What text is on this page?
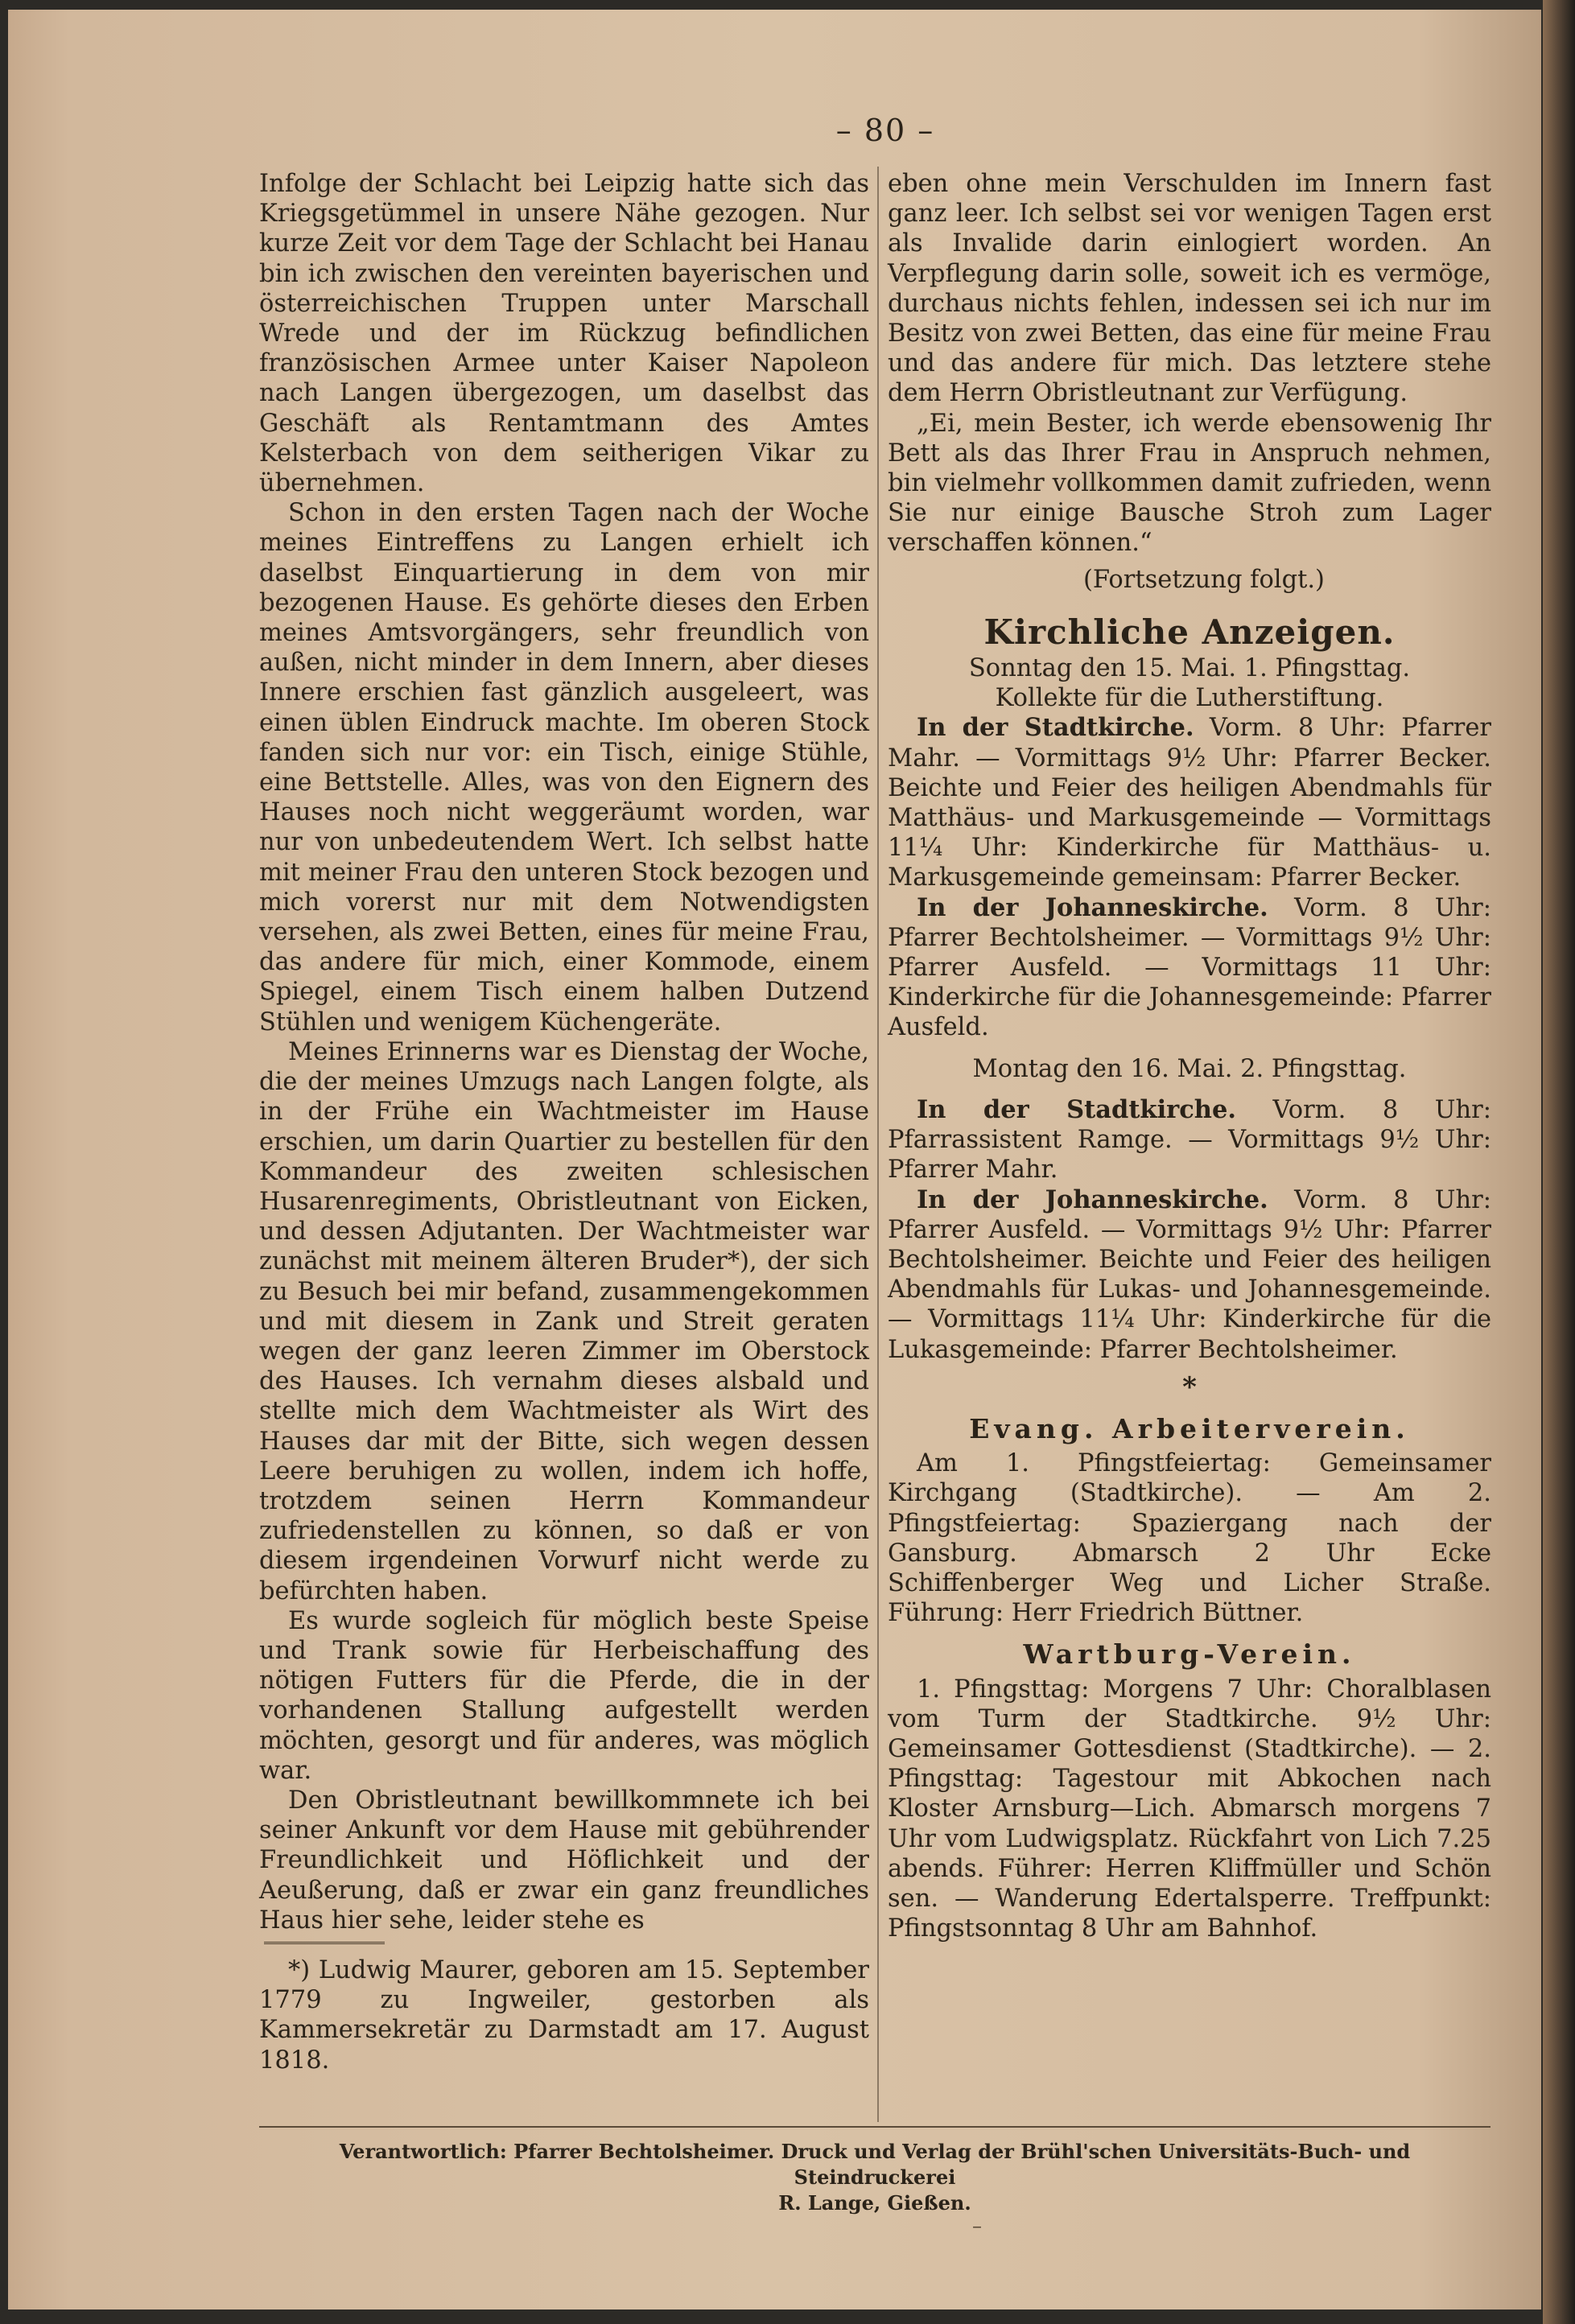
– 80 –

Infolge der Schlacht bei Leipzig hatte sich das Kriegsgetümmel in unsere Nähe gezogen. Nur kurze Zeit vor dem Tage der Schlacht bei Hanau bin ich zwischen den vereinten bayerischen und österreichischen Truppen unter Marschall Wrede und der im Rückzug befindlichen französischen Armee unter Kaiser Napoleon nach Langen übergezogen, um daselbst das Geschäft als Rentamtmann des Amtes Kelsterbach von dem seitherigen Vikar zu übernehmen.

Schon in den ersten Tagen nach der Woche meines Eintreffens zu Langen erhielt ich daselbst Einquartierung in dem von mir bezogenen Hause. Es gehörte dieses den Erben meines Amtsvorgängers, sehr freundlich von außen, nicht minder in dem Innern, aber dieses Innere erschien fast gänzlich ausgeleert, was einen üblen Eindruck machte. Im oberen Stock fanden sich nur vor: ein Tisch, einige Stühle, eine Bettstelle. Alles, was von den Eignern des Hauses noch nicht weggeräumt worden, war nur von unbedeutendem Wert. Ich selbst hatte mit meiner Frau den unteren Stock bezogen und mich vorerst nur mit dem Notwendigsten versehen, als zwei Betten, eines für meine Frau, das andere für mich, einer Kommode, einem Spiegel, einem Tisch einem halben Dutzend Stühlen und wenigem Küchengeräte.

Meines Erinnerns war es Dienstag der Woche, die der meines Umzugs nach Langen folgte, als in der Frühe ein Wachtmeister im Hause erschien, um darin Quartier zu bestellen für den Kommandeur des zweiten schlesischen Husarenregiments, Obristleutnant von Eicken, und dessen Adjutanten. Der Wachtmeister war zunächst mit meinem älteren Bruder*), der sich zu Besuch bei mir befand, zusammengekommen und mit diesem in Zank und Streit geraten wegen der ganz leeren Zimmer im Oberstock des Hauses. Ich vernahm dieses alsbald und stellte mich dem Wachtmeister als Wirt des Hauses dar mit der Bitte, sich wegen dessen Leere beruhigen zu wollen, indem ich hoffe, trotzdem seinen Herrn Kommandeur zufriedenstellen zu können, so daß er von diesem irgendeinen Vorwurf nicht werde zu befürchten haben.

Es wurde sogleich für möglich beste Speise und Trank sowie für Herbeischaffung des nötigen Futters für die Pferde, die in der vorhandenen Stallung aufgestellt werden möchten, gesorgt und für anderes, was möglich war.

Den Obristleutnant bewillkommnete ich bei seiner Ankunft vor dem Hause mit gebührender Freundlichkeit und Höflichkeit und der Aeußerung, daß er zwar ein ganz freundliches Haus hier sehe, leider stehe es

*) Ludwig Maurer, geboren am 15. September 1779 zu Ingweiler, gestorben als Kammersekretär zu Darmstadt am 17. August 1818.

eben ohne mein Verschulden im Innern fast ganz leer. Ich selbst sei vor wenigen Tagen erst als Invalide darin einlogiert worden. An Verpflegung darin solle, soweit ich es vermöge, durchaus nichts fehlen, indessen sei ich nur im Besitz von zwei Betten, das eine für meine Frau und das andere für mich. Das letztere stehe dem Herrn Obristleutnant zur Verfügung.

„Ei, mein Bester, ich werde ebensowenig Ihr Bett als das Ihrer Frau in Anspruch nehmen, bin vielmehr vollkommen damit zufrieden, wenn Sie nur einige Bausche Stroh zum Lager verschaffen können.“

(Fortsetzung folgt.)

Kirchliche Anzeigen.

Sonntag den 15. Mai. 1. Pfingsttag.

Kollekte für die Lutherstiftung.

In der Stadtkirche. Vorm. 8 Uhr: Pfarrer Mahr. — Vormittags 9½ Uhr: Pfarrer Becker. Beichte und Feier des heiligen Abendmahls für Matthäus- und Markusgemeinde — Vormittags 11¼ Uhr: Kinderkirche für Matthäus- u. Markusgemeinde gemeinsam: Pfarrer Becker.

In der Johanneskirche. Vorm. 8 Uhr: Pfarrer Bechtolsheimer. — Vormittags 9½ Uhr: Pfarrer Ausfeld. — Vormittags 11 Uhr: Kinderkirche für die Johannesgemeinde: Pfarrer Ausfeld.

Montag den 16. Mai. 2. Pfingsttag.

In der Stadtkirche. Vorm. 8 Uhr: Pfarrassistent Ramge. — Vormittags 9½ Uhr: Pfarrer Mahr.

In der Johanneskirche. Vorm. 8 Uhr: Pfarrer Ausfeld. — Vormittags 9½ Uhr: Pfarrer Bechtolsheimer. Beichte und Feier des heiligen Abendmahls für Lukas- und Johannesgemeinde. — Vormittags 11¼ Uhr: Kinderkirche für die Lukasgemeinde: Pfarrer Bechtolsheimer.

*
Evang. Arbeiterverein.

Am 1. Pfingstfeiertag: Gemeinsamer Kirchgang (Stadtkirche). — Am 2. Pfingstfeiertag: Spaziergang nach der Gansburg. Abmarsch 2 Uhr Ecke Schiffenberger Weg und Licher Straße. Führung: Herr Friedrich Büttner.

Wartburg-Verein.

1. Pfingsttag: Morgens 7 Uhr: Choralblasen vom Turm der Stadtkirche. 9½ Uhr: Gemeinsamer Gottesdienst (Stadtkirche). — 2. Pfingsttag: Tagestour mit Abkochen nach Kloster Arnsburg—Lich. Abmarsch morgens 7 Uhr vom Ludwigsplatz. Rückfahrt von Lich 7.25 abends. Führer: Herren Kliffmüller und Schön sen. — Wanderung Edertalsperre. Treffpunkt: Pfingstsonntag 8 Uhr am Bahnhof.

Verantwortlich: Pfarrer Bechtolsheimer. Druck und Verlag der Brühl'schen Universitäts-Buch- und Steindruckerei
R. Lange, Gießen.
–
